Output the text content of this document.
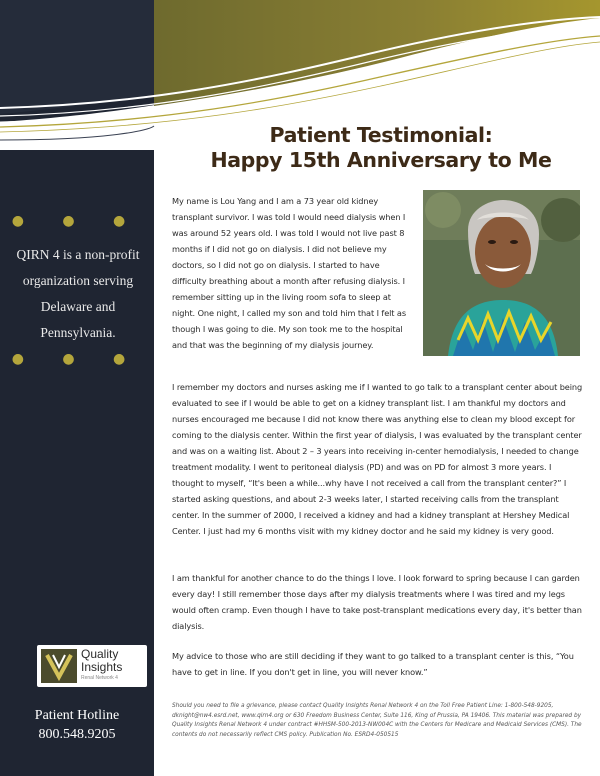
● ● ●
QIRN 4 is a non-profit organization serving Delaware and Pennsylvania.
● ● ●
Quality
Insights
Renal Network 4
Patient Hotline
800.548.9205
Patient Testimonial:
Happy 15th Anniversary to Me
My name is Lou Yang and I am a 73 year old kidney transplant survivor. I was told I would need dialysis when I was around 52 years old. I was told I would not live past 8 months if I did not go on dialysis. I did not believe my doctors, so I did not go on dialysis. I started to have difficulty breathing about a month after refusing dialysis. I remember sitting up in the living room sofa to sleep at night. One night, I called my son and told him that I felt as though I was going to die. My son took me to the hospital and that was the beginning of my dialysis journey.
I remember my doctors and nurses asking me if I wanted to go talk to a transplant center about being evaluated to see if I would be able to get on a kidney transplant list. I am thankful my doctors and nurses encouraged me because I did not know there was anything else to clean my blood except for coming to the dialysis center. Within the first year of dialysis, I was evaluated by the transplant center and was on a waiting list. About 2 – 3 years into receiving in-center hemodialysis, I needed to change treatment modality. I went to peritoneal dialysis (PD) and was on PD for almost 3 more years. I thought to myself, “It's been a while...why have I not received a call from the transplant center?” I started asking questions, and about 2-3 weeks later, I started receiving calls from the transplant center. In the summer of 2000, I received a kidney and had a kidney transplant at Hershey Medical Center. I just had my 6 months visit with my kidney doctor and he said my kidney is very good.
I am thankful for another chance to do the things I love. I look forward to spring because I can garden every day! I still remember those days after my dialysis treatments where I was tired and my legs would often cramp. Even though I have to take post-transplant medications every day, it's better than dialysis.
My advice to those who are still deciding if they want to go talked to a transplant center is this, “You have to get in line. If you don't get in line, you will never know.”
Should you need to file a grievance, please contact Quality Insights Renal Network 4 on the Toll Free Patient Line: 1-800-548-9205, dknight@nw4.esrd.net, www.qirn4.org or 630 Freedom Business Center, Suite 116, King of Prussia, PA 19406. This material was prepared by Quality Insights Renal Network 4 under contract #HHSM-500-2013-NW004C with the Centers for Medicare and Medicaid Services (CMS). The contents do not necessarily reflect CMS policy. Publication No. ESRD4-050515
